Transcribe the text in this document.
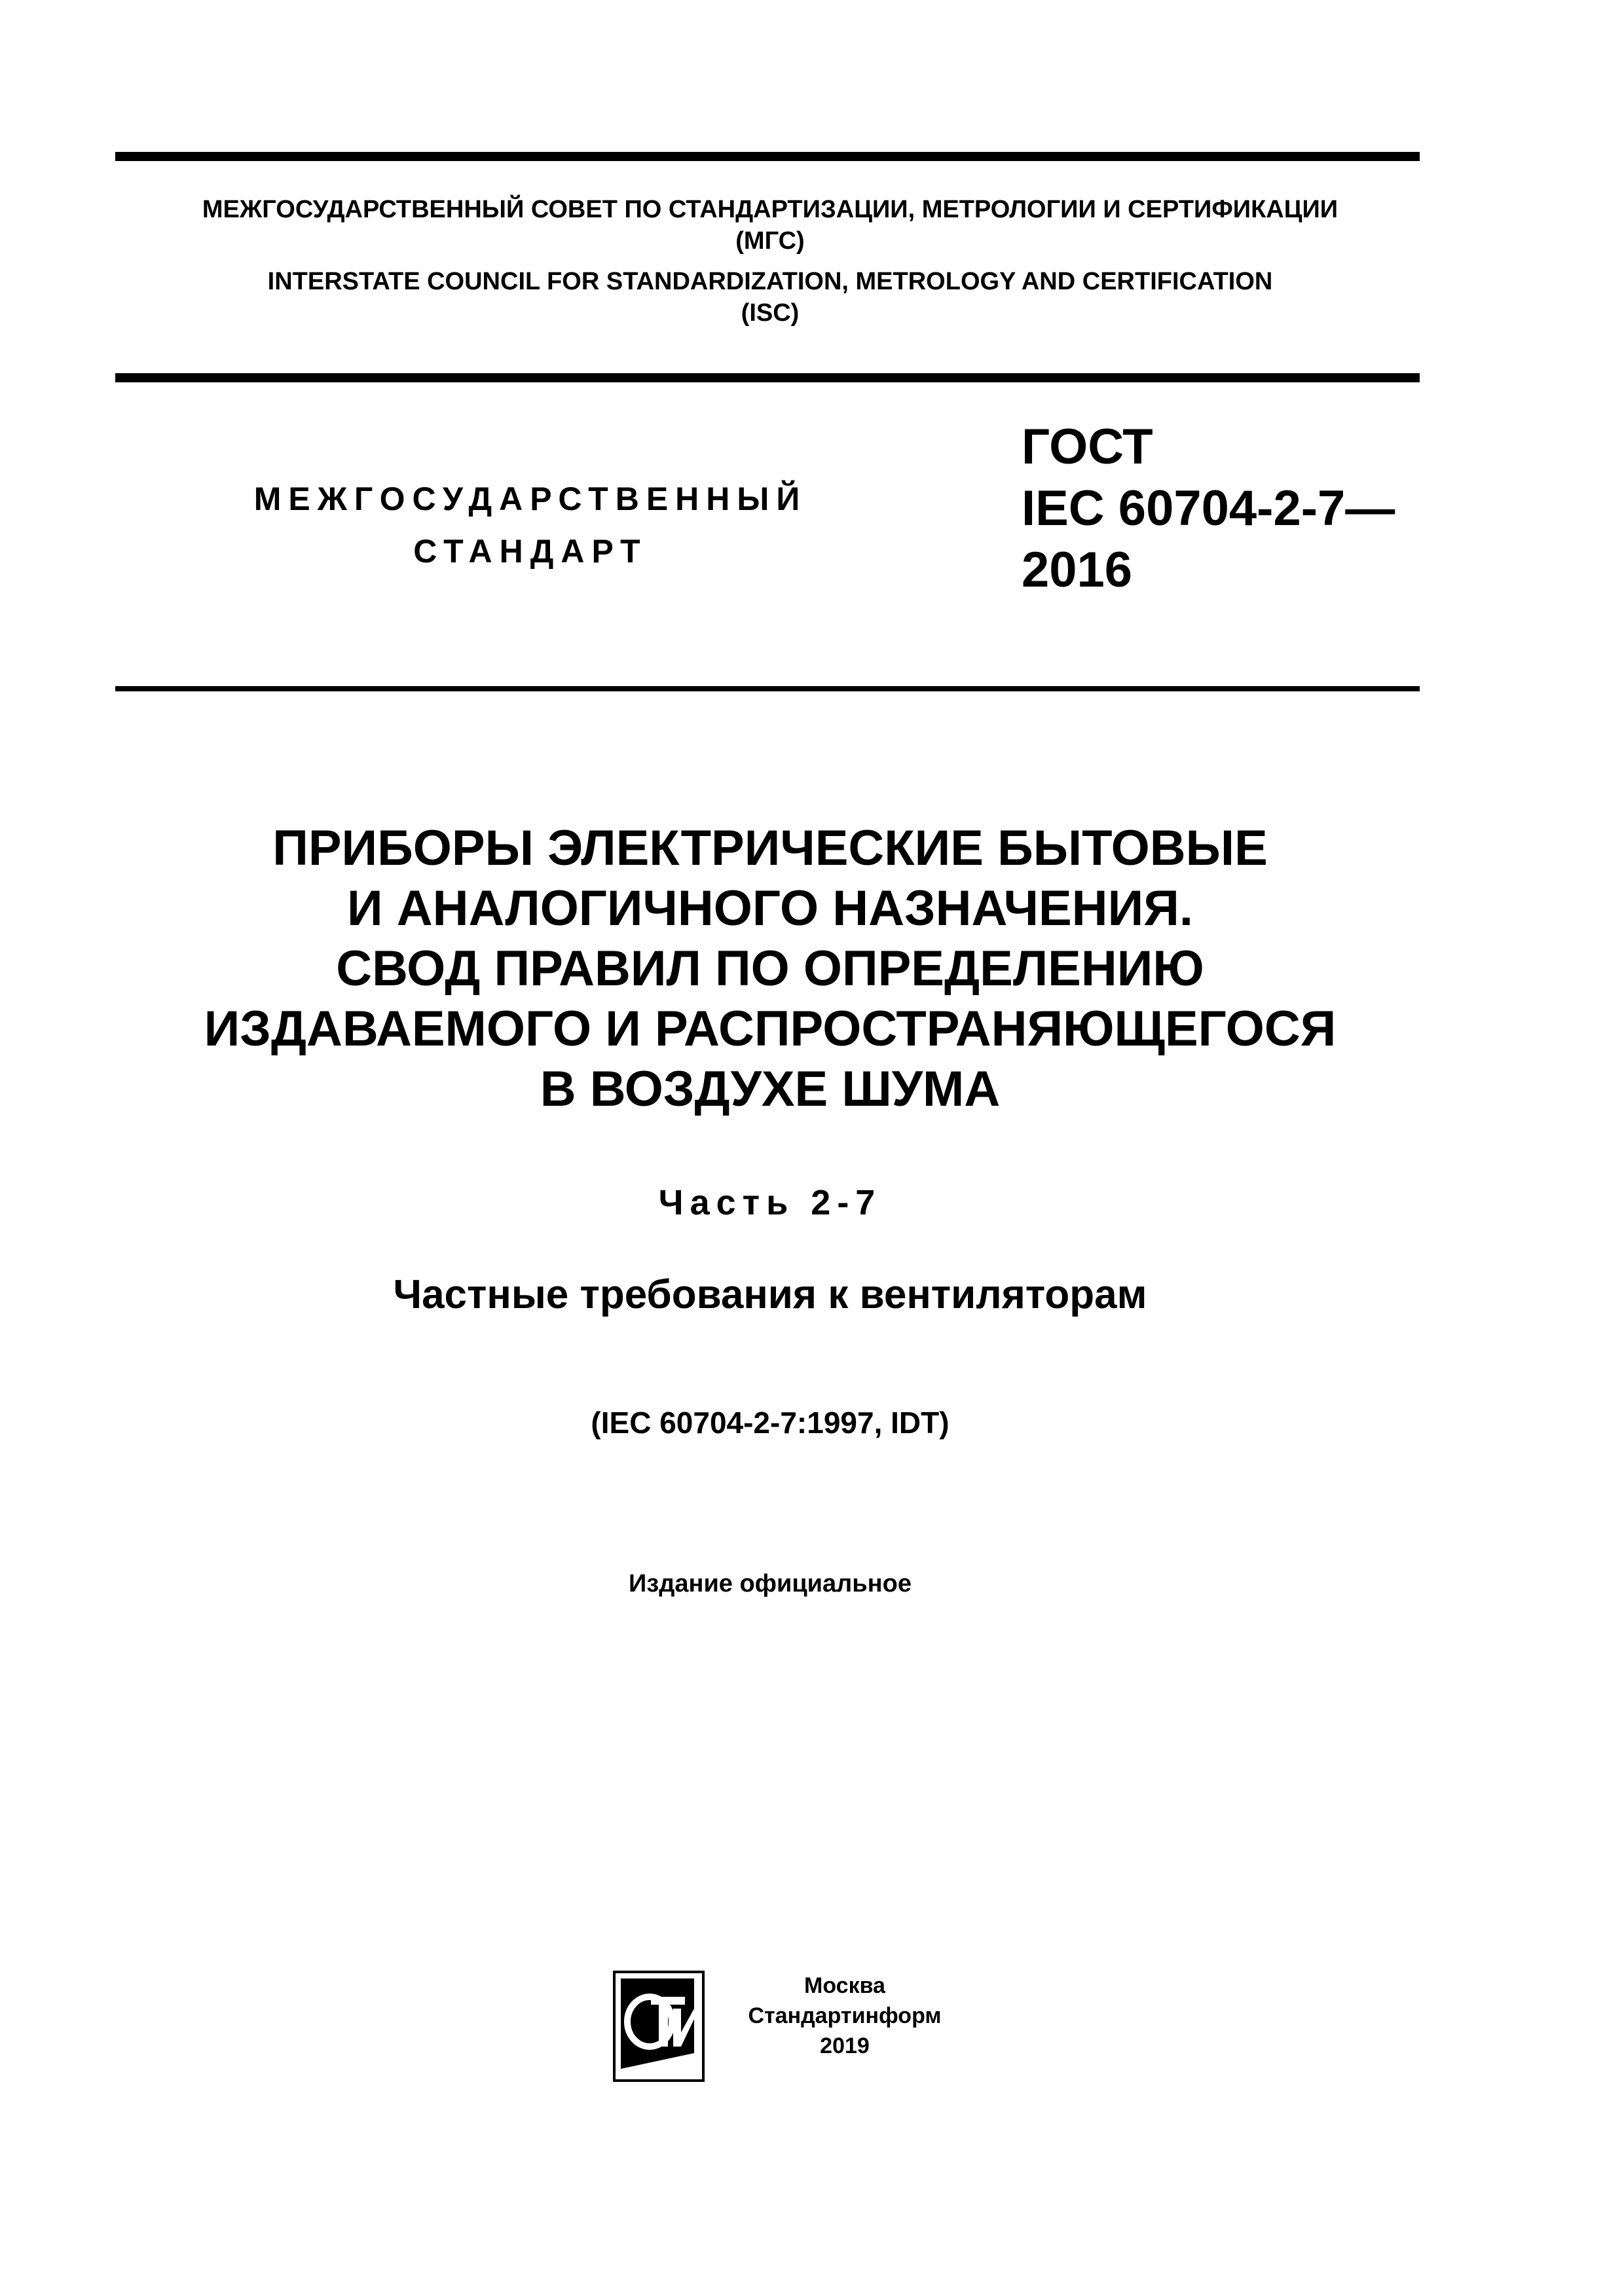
МЕЖГОСУДАРСТВЕННЫЙ СОВЕТ ПО СТАНДАРТИЗАЦИИ, МЕТРОЛОГИИ И СЕРТИФИКАЦИИ
(МГС)
INTERSTATE COUNCIL FOR STANDARDIZATION, METROLOGY AND CERTIFICATION
(ISC)
МЕЖГОСУДАРСТВЕННЫЙ
СТАНДАРТ
ГОСТ
IEC 60704-2-7—
2016
ПРИБОРЫ ЭЛЕКТРИЧЕСКИЕ БЫТОВЫЕ
И АНАЛОГИЧНОГО НАЗНАЧЕНИЯ.
СВОД ПРАВИЛ ПО ОПРЕДЕЛЕНИЮ
ИЗДАВАЕМОГО И РАСПРОСТРАНЯЮЩЕГОСЯ
В ВОЗДУХЕ ШУМА
Часть 2-7
Частные требования к вентиляторам
(IEC 60704-2-7:1997, IDT)
Издание официальное
Москва
Стандартинформ
2019
